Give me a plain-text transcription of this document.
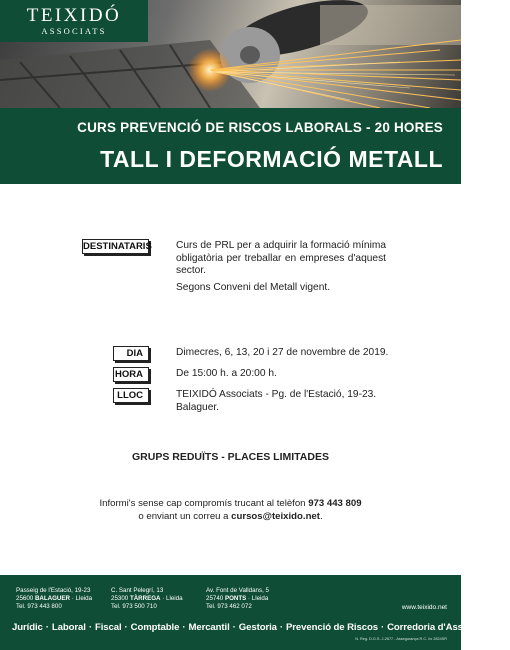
TEIXIDÓ
ASSOCIATS
CURS PREVENCIÓ DE RISCOS LABORALS - 20 HORES
TALL I DEFORMACIÓ METALL
DESTINATARIS Curs de PRL per a adquirir la formació mínima
obligatòria per treballar en empreses d'aquest
sector.
Segons Conveni del Metall vigent.
DIA	Dimecres, 6, 13, 20 i 27 de novembre de 2019.
HORA	De 15:00 h. a 20:00 h.
LLOC	TEIXIDÓ Associats - Pg. de l'Estació, 19-23.
Balaguer.
GRUPS REDUÏTS - PLACES LIMITADES
Informi's sense cap compromís trucant al telèfon 973 443 809
o enviant un correu a cursos@teixido.net.
Passeig de l'Estació, 19-23
25600 BALAGUER · Lleida
Tel. 973 443 800
C. Sant Pelegrí, 13
25300 TÀRREGA · Lleida
Tel. 973 500 710
Av. Font de Valldans, 5
25740 PONTS · Lleida
Tel. 973 462 072	www.teixido.net
Jurídic · Laboral · Fiscal · Comptable · Mercantil · Gestoria · Prevenció de Riscos · Corredoria d'Assegurances
N. Reg. D.G.S. J-2677 - Assegurança R.C. i/o 2824SR
